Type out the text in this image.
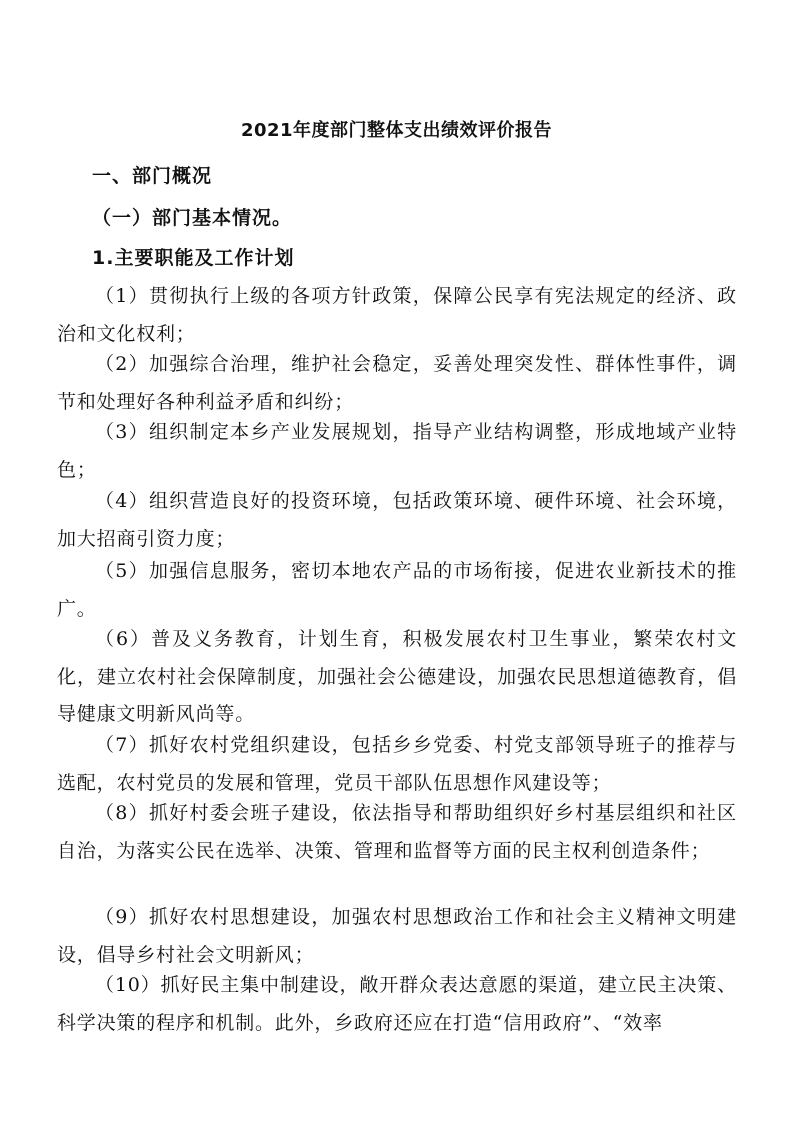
2021年度部门整体支出绩效评价报告
一、部门概况
（一）部门基本情况。
1.主要职能及工作计划
（1）贯彻执行上级的各项方针政策，保障公民享有宪法规定的经济、政治和文化权利；
（2）加强综合治理，维护社会稳定，妥善处理突发性、群体性事件，调节和处理好各种利益矛盾和纠纷；
（3）组织制定本乡产业发展规划，指导产业结构调整，形成地域产业特色；
（4）组织营造良好的投资环境，包括政策环境、硬件环境、社会环境，加大招商引资力度；
（5）加强信息服务，密切本地农产品的市场衔接，促进农业新技术的推广。
（6）普及义务教育，计划生育，积极发展农村卫生事业，繁荣农村文化，建立农村社会保障制度，加强社会公德建设，加强农民思想道德教育，倡导健康文明新风尚等。
（7）抓好农村党组织建设，包括乡乡党委、村党支部领导班子的推荐与选配，农村党员的发展和管理，党员干部队伍思想作风建设等；
（8）抓好村委会班子建设，依法指导和帮助组织好乡村基层组织和社区自治，为落实公民在选举、决策、管理和监督等方面的民主权利创造条件；
（9）抓好农村思想建设，加强农村思想政治工作和社会主义精神文明建设，倡导乡村社会文明新风；
（10）抓好民主集中制建设，敞开群众表达意愿的渠道，建立民主决策、科学决策的程序和机制。此外，乡政府还应在打造“信用政府”、“效率
